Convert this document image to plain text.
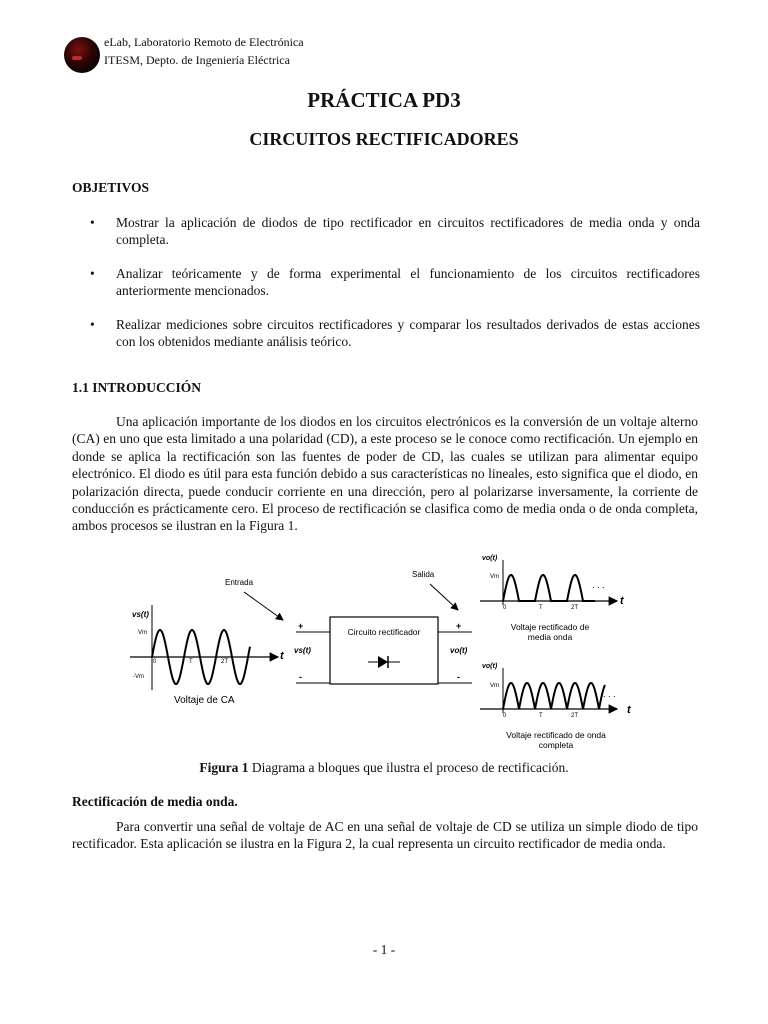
eLab, Laboratorio Remoto de Electrónica
ITESM, Depto. de Ingeniería Eléctrica
PRÁCTICA PD3
CIRCUITOS RECTIFICADORES
OBJETIVOS
• Mostrar la aplicación de diodos de tipo rectificador en circuitos rectificadores de media onda y onda completa.
• Analizar teóricamente y de forma experimental el funcionamiento de los circuitos rectificadores anteriormente mencionados.
• Realizar mediciones sobre circuitos rectificadores y comparar los resultados derivados de estas acciones con los obtenidos mediante análisis teórico.
1.1 INTRODUCCIÓN
Una aplicación importante de los diodos en los circuitos electrónicos es la conversión de un voltaje alterno (CA) en uno que esta limitado a una polaridad (CD), a este proceso se le conoce como rectificación. Un ejemplo en donde se aplica la rectificación son las fuentes de poder de CD, las cuales se utilizan para alimentar equipo electrónico. El diodo es útil para esta función debido a sus características no lineales, esto significa que el diodo, en polarización directa, puede conducir corriente en una dirección, pero al polarizarse inversamente, la corriente de conducción es prácticamente cero. El proceso de rectificación se clasifica como de media onda o de onda completa, ambos procesos se ilustran en la Figura 1.
vs(t)
Vm
-Vm
0	T	2T	t
Voltaje de CA
Entrada
Salida
Circuito rectificador
+
-
+
-
vs(t)	vo(t)
vo(t)
Vm
0	T	2T
. . .
t
Voltaje rectificado de
media onda
vo(t)
Vm
0	T	2T
. . .
t
Voltaje rectificado de onda
completa
Figura 1 Diagrama a bloques que ilustra el proceso de rectificación.
Rectificación de media onda.
Para convertir una señal de voltaje de AC en una señal de voltaje de CD se utiliza un simple diodo de tipo rectificador. Esta aplicación se ilustra en la Figura 2, la cual representa un circuito rectificador de media onda.
- 1 -
